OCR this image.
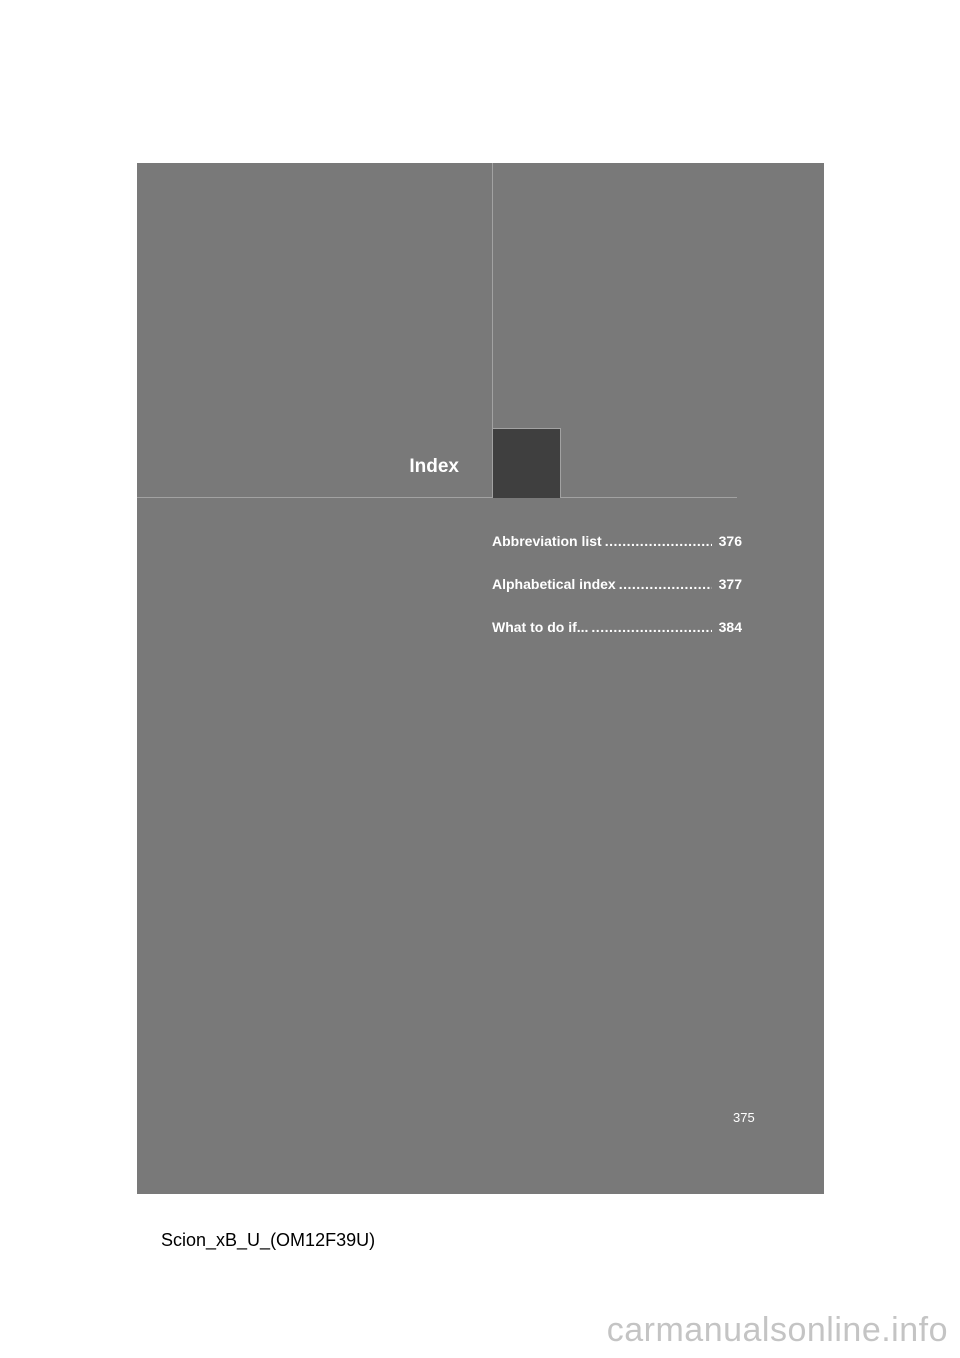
Index
Abbreviation list .....	376
Alphabetical index .....	377
What to do if... .....	384
375
Scion_xB_U_(OM12F39U)
carmanualsonline.info
